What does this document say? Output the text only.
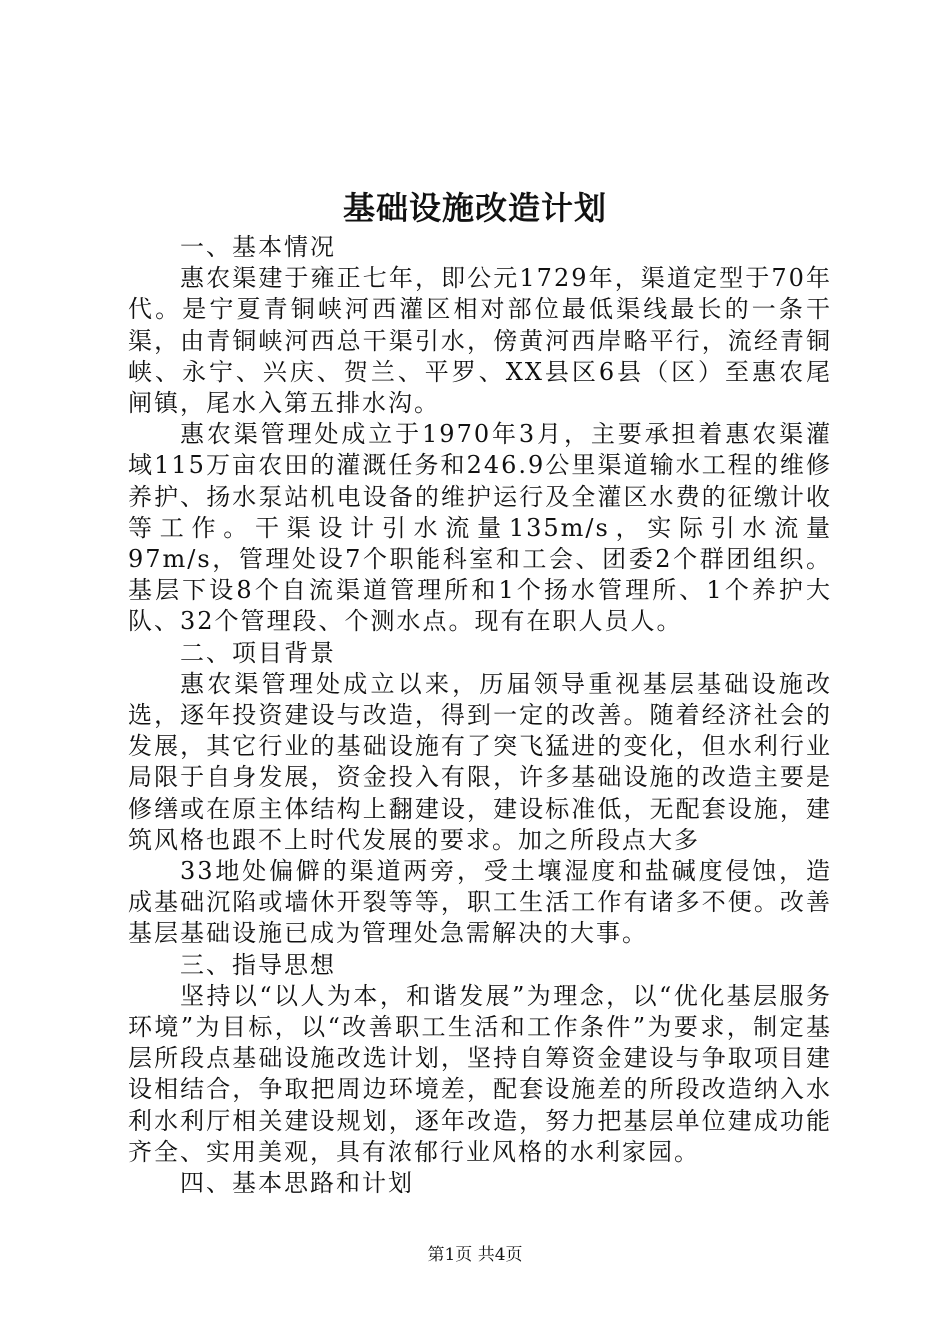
基础设施改造计划

一、基本情况

惠农渠建于雍正七年，即公元1729年，渠道定型于70年代。是宁夏青铜峡河西灌区相对部位最低渠线最长的一条干渠，由青铜峡河西总干渠引水，傍黄河西岸略平行，流经青铜峡、永宁、兴庆、贺兰、平罗、XX县区6县（区）至惠农尾闸镇，尾水入第五排水沟。

惠农渠管理处成立于1970年3月，主要承担着惠农渠灌域115万亩农田的灌溉任务和246.9公里渠道输水工程的维修养护、扬水泵站机电设备的维护运行及全灌区水费的征缴计收等工作。干渠设计引水流量135m/s，实际引水流量97m/s，管理处设7个职能科室和工会、团委2个群团组织。基层下设8个自流渠道管理所和1个扬水管理所、1个养护大队、32个管理段、个测水点。现有在职人员人。

二、项目背景

惠农渠管理处成立以来，历届领导重视基层基础设施改选，逐年投资建设与改造，得到一定的改善。随着经济社会的发展，其它行业的基础设施有了突飞猛进的变化，但水利行业局限于自身发展，资金投入有限，许多基础设施的改造主要是修缮或在原主体结构上翻建设，建设标准低，无配套设施，建筑风格也跟不上时代发展的要求。加之所段点大多

33地处偏僻的渠道两旁，受土壤湿度和盐碱度侵蚀，造成基础沉陷或墙休开裂等等，职工生活工作有诸多不便。改善基层基础设施已成为管理处急需解决的大事。

三、指导思想

坚持以“以人为本，和谐发展”为理念，以“优化基层服务环境”为目标，以“改善职工生活和工作条件”为要求，制定基层所段点基础设施改选计划，坚持自筹资金建设与争取项目建设相结合，争取把周边环境差，配套设施差的所段改造纳入水利水利厅相关建设规划，逐年改造，努力把基层单位建成功能齐全、实用美观，具有浓郁行业风格的水利家园。

四、基本思路和计划

第1页 共4页
